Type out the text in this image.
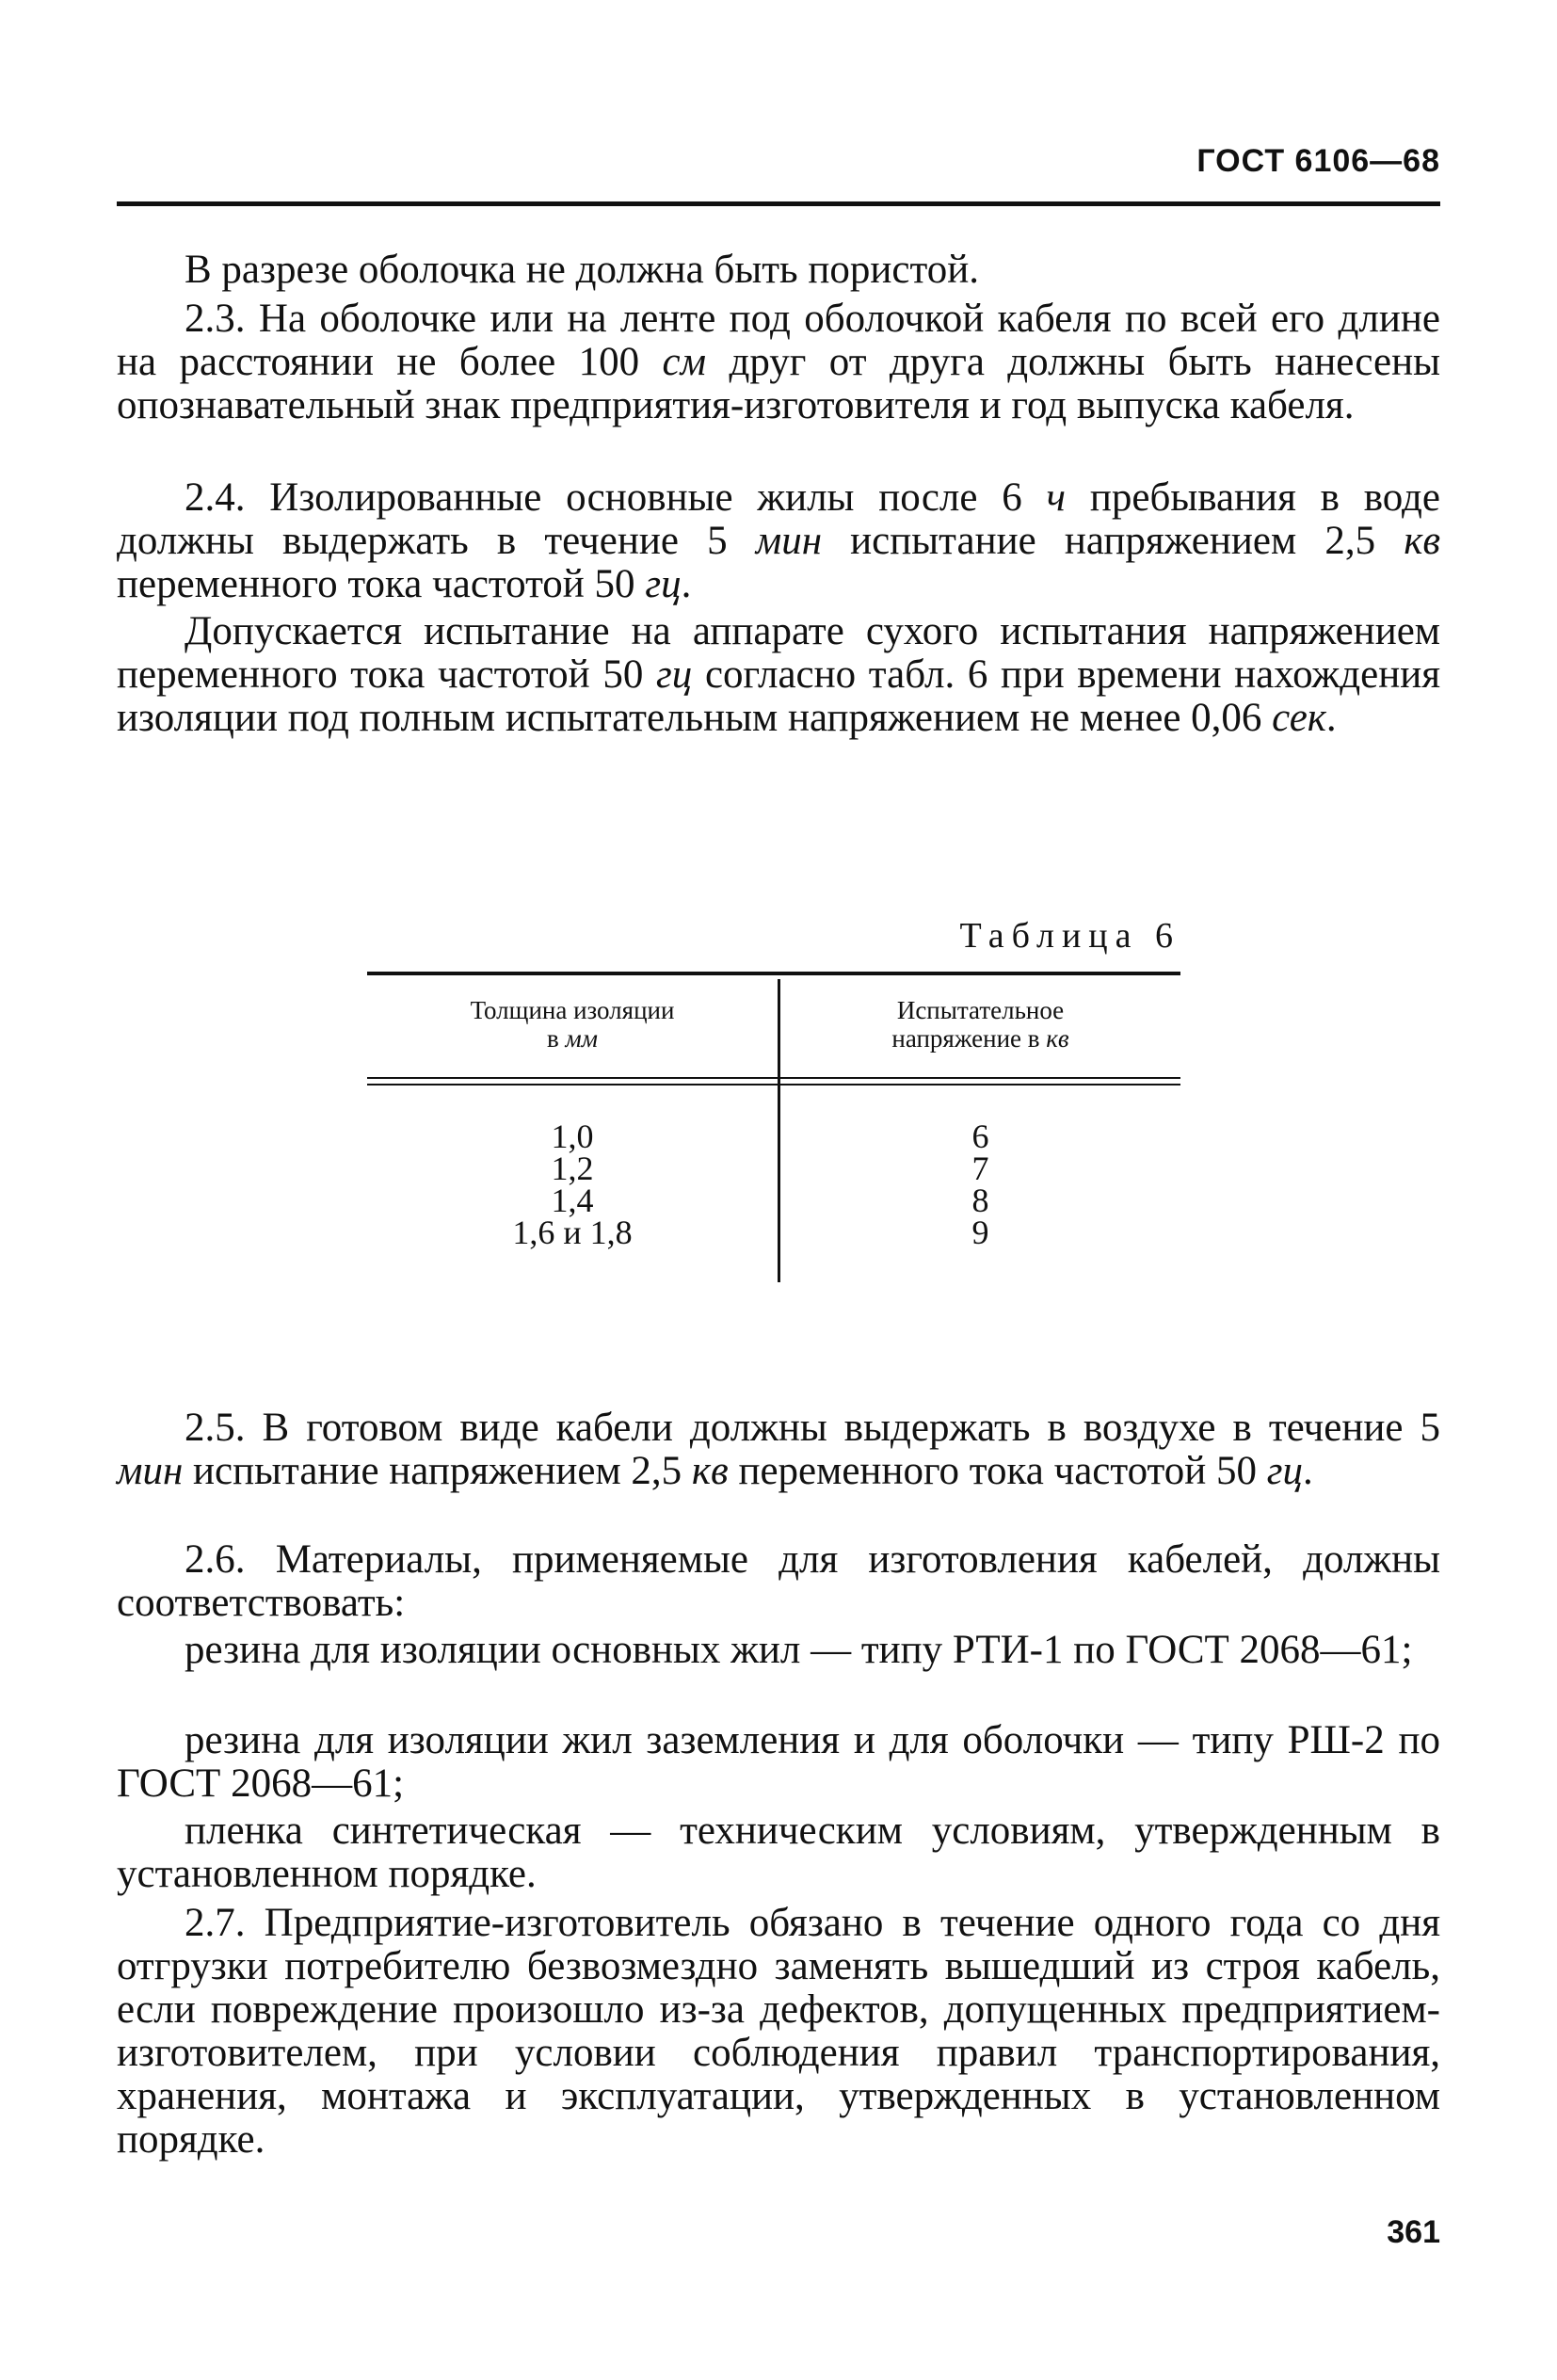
ГОСТ 6106—68
В разрезе оболочка не должна быть пористой.
2.3. На оболочке или на ленте под оболочкой кабеля по всей его длине на расстоянии не более 100 см друг от друга должны быть нанесены опознавательный знак предприятия-изготовителя и год выпуска кабеля.
2.4. Изолированные основные жилы после 6 ч пребывания в воде должны выдержать в течение 5 мин испытание напряжением 2,5 кв переменного тока частотой 50 гц.
Допускается испытание на аппарате сухого испытания напряжением переменного тока частотой 50 гц согласно табл. 6 при времени нахождения изоляции под полным испытательным напряжением не менее 0,06 сек.
Таблица 6
Толщина изоляции
в мм
Испытательное
напряжение в кв
1,0
1,2
1,4
1,6 и 1,8
6
7
8
9
2.5. В готовом виде кабели должны выдержать в воздухе в течение 5 мин испытание напряжением 2,5 кв переменного тока частотой 50 гц.
2.6. Материалы, применяемые для изготовления кабелей, должны соответствовать:
резина для изоляции основных жил — типу РТИ-1 по ГОСТ 2068—61;
резина для изоляции жил заземления и для оболочки — типу РШ-2 по ГОСТ 2068—61;
пленка синтетическая — техническим условиям, утвержденным в установленном порядке.
2.7. Предприятие-изготовитель обязано в течение одного года со дня отгрузки потребителю безвозмездно заменять вышедший из строя кабель, если повреждение произошло из-за дефектов, допущенных предприятием-изготовителем, при условии соблюдения правил транспортирования, хранения, монтажа и эксплуатации, утвержденных в установленном порядке.
361
